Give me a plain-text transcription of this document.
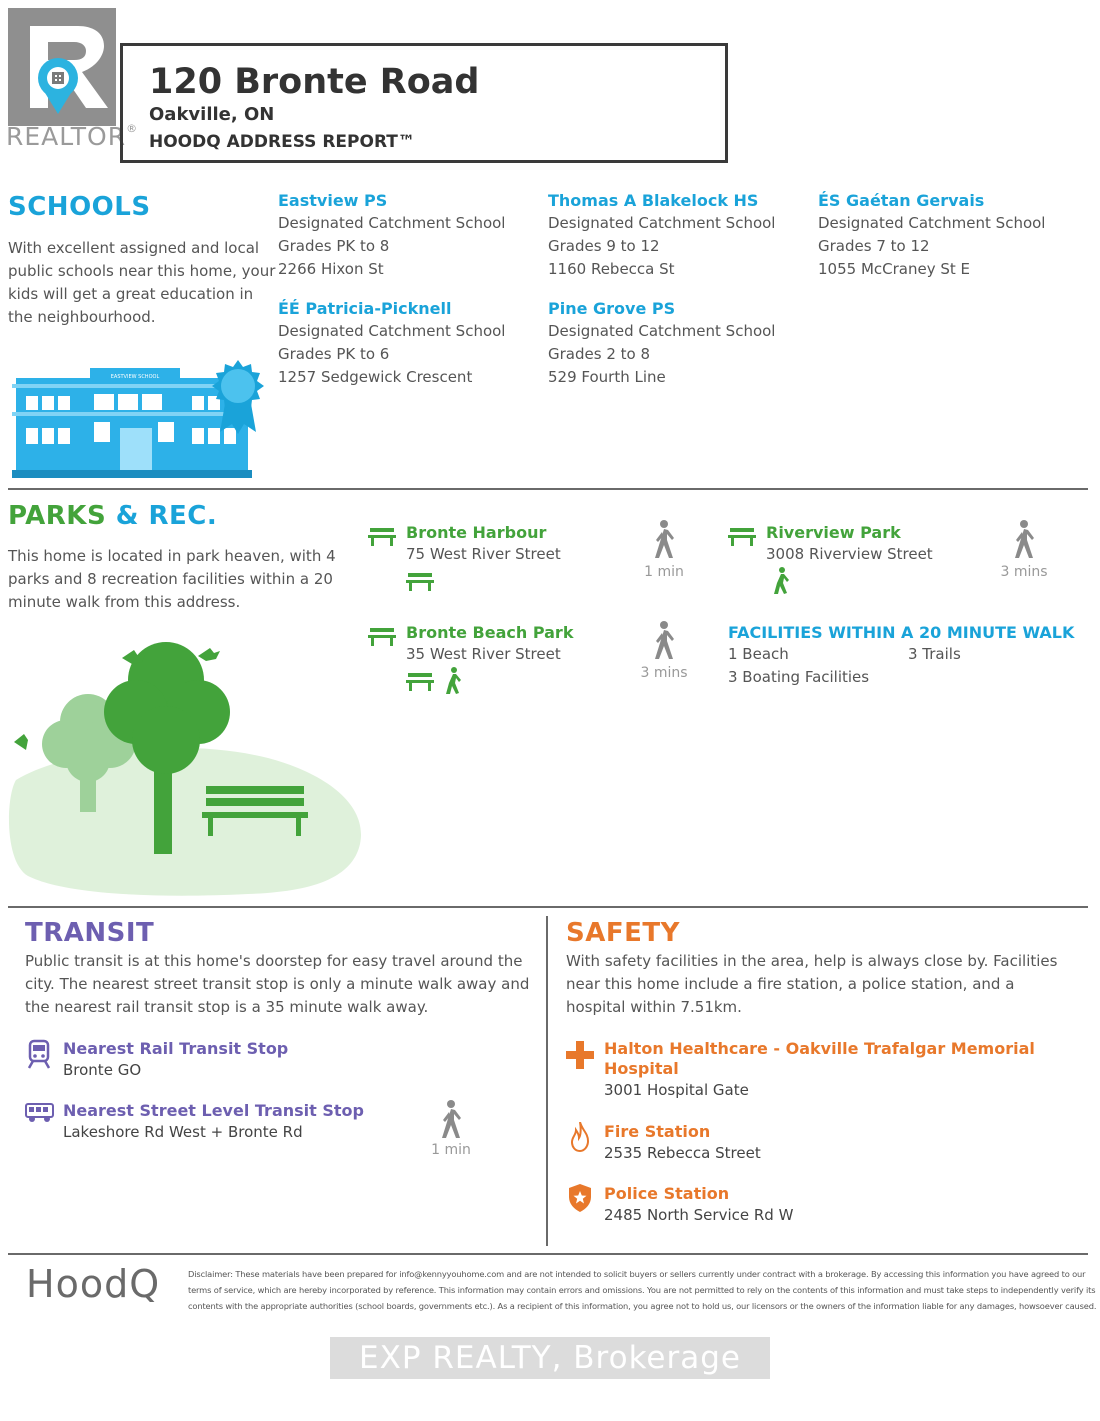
REALTOR®
120 Bronte Road
Oakville, ON
HOODQ ADDRESS REPORT™
SCHOOLS
With excellent assigned and local public schools near this home, your kids will get a great education in the neighbourhood.
EASTVIEW SCHOOL
Eastview PS
Designated Catchment School
Grades PK to 8
2266 Hixon St
Thomas A Blakelock HS
Designated Catchment School
Grades 9 to 12
1160 Rebecca St
ÉS Gaétan Gervais
Designated Catchment School
Grades 7 to 12
1055 McCraney St E
ÉÉ Patricia-Picknell
Designated Catchment School
Grades PK to 6
1257 Sedgewick Crescent
Pine Grove PS
Designated Catchment School
Grades 2 to 8
529 Fourth Line
PARKS & REC.
This home is located in park heaven, with 4 parks and 8 recreation facilities within a 20 minute walk from this address.
Bronte Harbour
75 West River Street
1 min
Riverview Park
3008 Riverview Street
3 mins
Bronte Beach Park
35 West River Street
3 mins
FACILITIES WITHIN A 20 MINUTE WALK
1 Beach	3 Trails
3 Boating Facilities
TRANSIT
Public transit is at this home's doorstep for easy travel around the city. The nearest street transit stop is only a minute walk away and the nearest rail transit stop is a 35 minute walk away.
Nearest Rail Transit Stop
Bronte GO
Nearest Street Level Transit Stop
Lakeshore Rd West + Bronte Rd
1 min
SAFETY
With safety facilities in the area, help is always close by. Facilities near this home include a fire station, a police station, and a hospital within 7.51km.
Halton Healthcare - Oakville Trafalgar Memorial
Hospital
3001 Hospital Gate
Fire Station
2535 Rebecca Street
Police Station
2485 North Service Rd W
HoodQ	Disclaimer: These materials have been prepared for info@kennyyouhome.com and are not intended to solicit buyers or sellers currently under contract with a brokerage. By accessing this information you have agreed to our
terms of service, which are hereby incorporated by reference. This information may contain errors and omissions. You are not permitted to rely on the contents of this information and must take steps to independently verify its
contents with the appropriate authorities (school boards, governments etc.). As a recipient of this information, you agree not to hold us, our licensors or the owners of the information liable for any damages, howsoever caused.
EXP REALTY, Brokerage
